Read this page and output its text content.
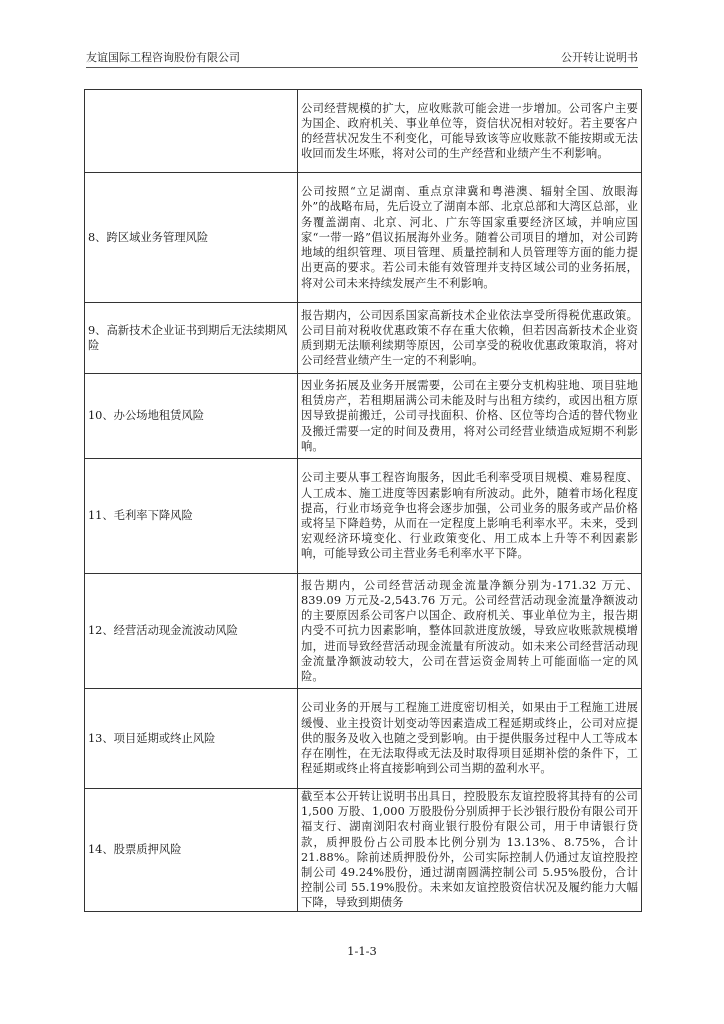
友谊国际工程咨询股份有限公司	公开转让说明书
	公司经营规模的扩大，应收账款可能会进一步增加。公司客户主要为国企、政府机关、事业单位等，资信状况相对较好。若主要客户的经营状况发生不利变化，可能导致该等应收账款不能按期或无法收回而发生坏账，将对公司的生产经营和业绩产生不利影响。
8、跨区域业务管理风险	公司按照“立足湖南、重点京津冀和粤港澳、辐射全国、放眼海外”的战略布局，先后设立了湖南本部、北京总部和大湾区总部，业务覆盖湖南、北京、河北、广东等国家重要经济区域，并响应国家“一带一路”倡议拓展海外业务。随着公司项目的增加，对公司跨地域的组织管理、项目管理、质量控制和人员管理等方面的能力提出更高的要求。若公司未能有效管理并支持区域公司的业务拓展，将对公司未来持续发展产生不利影响。
9、高新技术企业证书到期后无法续期风险	报告期内，公司因系国家高新技术企业依法享受所得税优惠政策。公司目前对税收优惠政策不存在重大依赖，但若因高新技术企业资质到期无法顺利续期等原因，公司享受的税收优惠政策取消，将对公司经营业绩产生一定的不利影响。
10、办公场地租赁风险	因业务拓展及业务开展需要，公司在主要分支机构驻地、项目驻地租赁房产，若租期届满公司未能及时与出租方续约，或因出租方原因导致提前搬迁，公司寻找面积、价格、区位等均合适的替代物业及搬迁需要一定的时间及费用，将对公司经营业绩造成短期不利影响。
11、毛利率下降风险	公司主要从事工程咨询服务，因此毛利率受项目规模、难易程度、人工成本、施工进度等因素影响有所波动。此外，随着市场化程度提高，行业市场竞争也将会逐步加强，公司业务的服务或产品价格或将呈下降趋势，从而在一定程度上影响毛利率水平。未来，受到宏观经济环境变化、行业政策变化、用工成本上升等不利因素影响，可能导致公司主营业务毛利率水平下降。
12、经营活动现金流波动风险	报告期内，公司经营活动现金流量净额分别为-171.32 万元、839.09 万元及-2,543.76 万元。公司经营活动现金流量净额波动的主要原因系公司客户以国企、政府机关、事业单位为主，报告期内受不可抗力因素影响，整体回款进度放缓，导致应收账款规模增加，进而导致经营活动现金流量有所波动。如未来公司经营活动现金流量净额波动较大，公司在营运资金周转上可能面临一定的风险。
13、项目延期或终止风险	公司业务的开展与工程施工进度密切相关，如果由于工程施工进展缓慢、业主投资计划变动等因素造成工程延期或终止，公司对应提供的服务及收入也随之受到影响。由于提供服务过程中人工等成本存在刚性，在无法取得或无法及时取得项目延期补偿的条件下，工程延期或终止将直接影响到公司当期的盈利水平。
14、股票质押风险	截至本公开转让说明书出具日，控股股东友谊控股将其持有的公司 1,500 万股、1,000 万股股份分别质押于长沙银行股份有限公司开福支行、湖南浏阳农村商业银行股份有限公司，用于申请银行贷款，质押股份占公司股本比例分别为 13.13%、8.75%，合计 21.88%。除前述质押股份外，公司实际控制人仍通过友谊控股控制公司 49.24%股份，通过湖南圆满控制公司 5.95%股份，合计控制公司 55.19%股份。未来如友谊控股资信状况及履约能力大幅下降，导致到期债务
1-1-3
